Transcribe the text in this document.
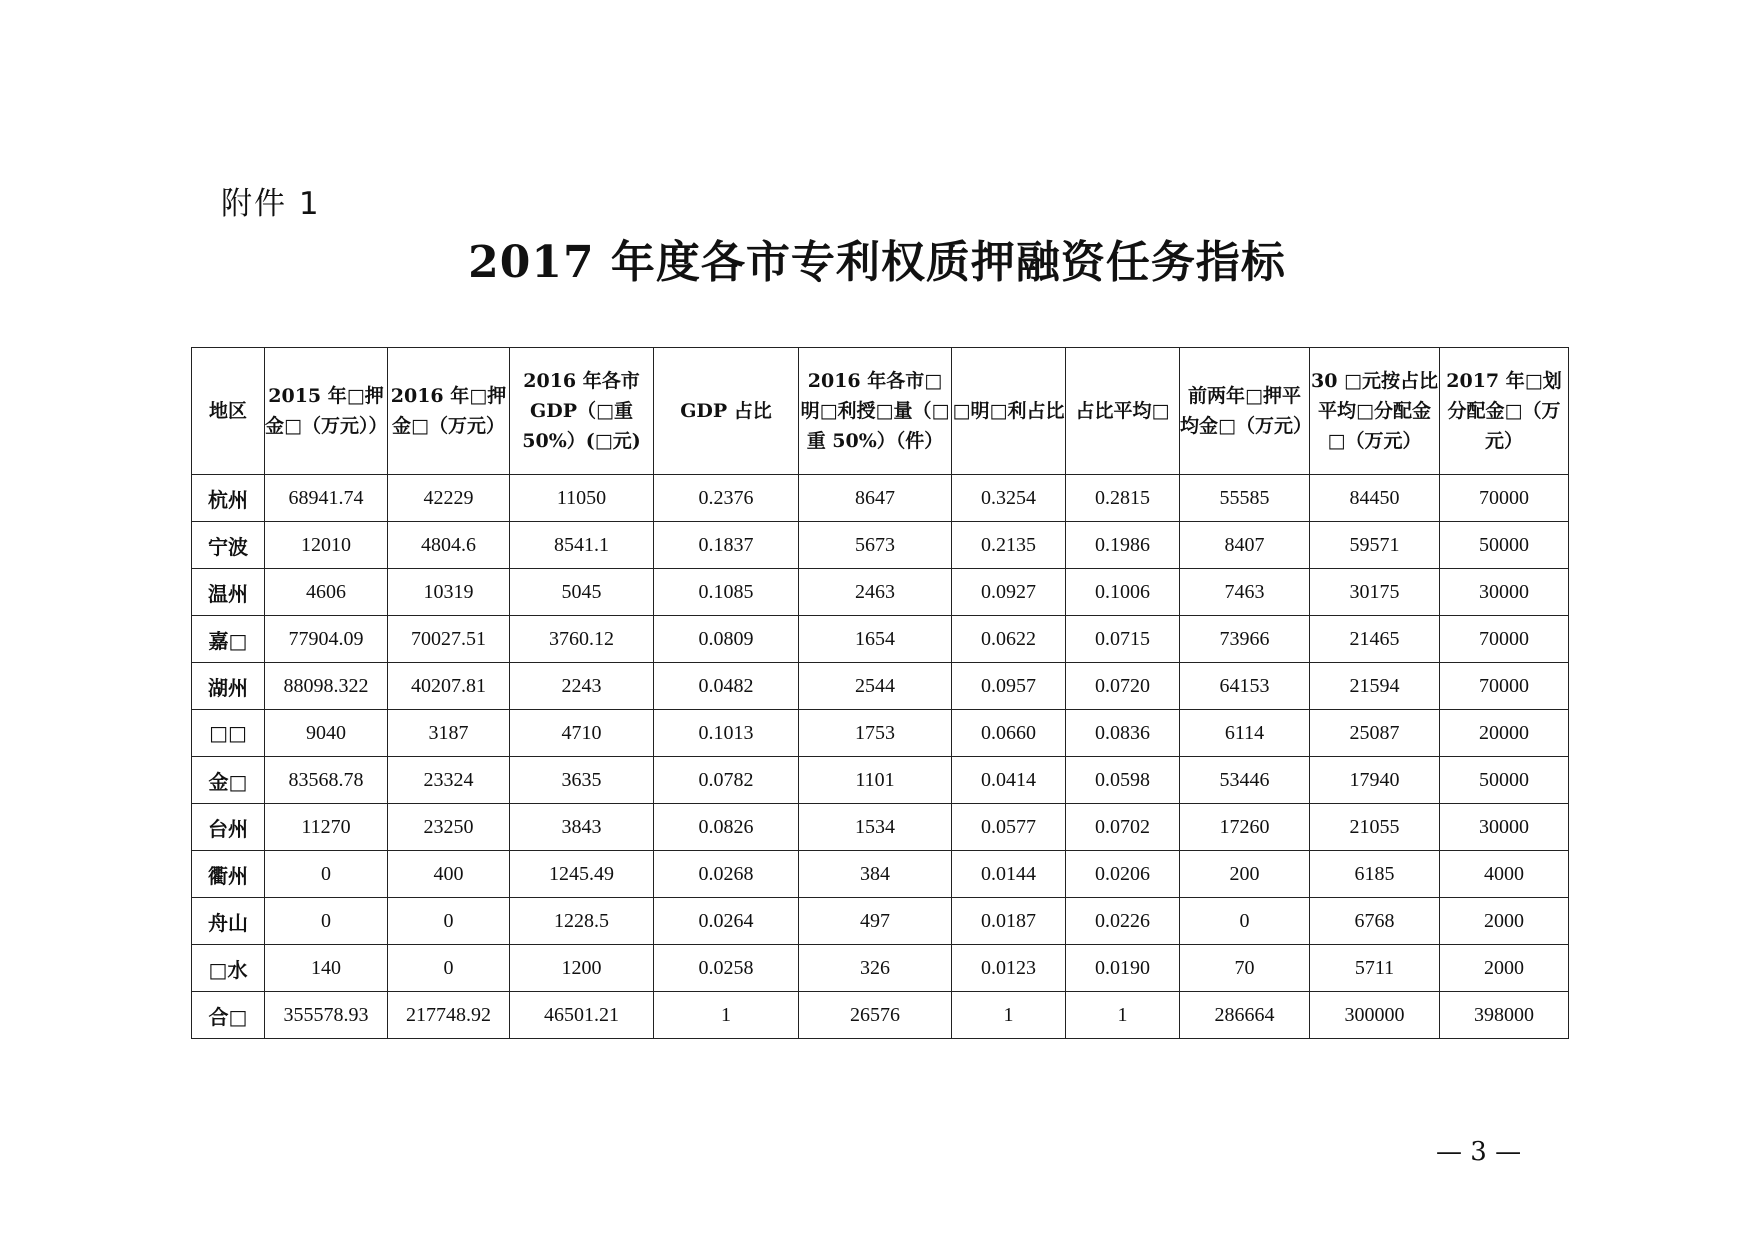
附件 1
2017 年度各市专利权质押融资任务指标
地区	2015 年□押金□（万元））	2016 年□押金□（万元）	2016 年各市 GDP（□重 50%）(□元)	GDP 占比	2016 年各市□明□利授□量（□重 50%）（件）	□明□利占比	占比平均□	前两年□押平均金□（万元）	30 □元按占比平均□分配金□（万元）	2017 年□划分配金□（万元）
杭州	68941.74	42229	11050	0.2376	8647	0.3254	0.2815	55585	84450	70000
宁波	12010	4804.6	8541.1	0.1837	5673	0.2135	0.1986	8407	59571	50000
温州	4606	10319	5045	0.1085	2463	0.0927	0.1006	7463	30175	30000
嘉□	77904.09	70027.51	3760.12	0.0809	1654	0.0622	0.0715	73966	21465	70000
湖州	88098.322	40207.81	2243	0.0482	2544	0.0957	0.0720	64153	21594	70000
□□	9040	3187	4710	0.1013	1753	0.0660	0.0836	6114	25087	20000
金□	83568.78	23324	3635	0.0782	1101	0.0414	0.0598	53446	17940	50000
台州	11270	23250	3843	0.0826	1534	0.0577	0.0702	17260	21055	30000
衢州	0	400	1245.49	0.0268	384	0.0144	0.0206	200	6185	4000
舟山	0	0	1228.5	0.0264	497	0.0187	0.0226	0	6768	2000
□水	140	0	1200	0.0258	326	0.0123	0.0190	70	5711	2000
合□	355578.93	217748.92	46501.21	1	26576	1	1	286664	300000	398000
— 3 —
